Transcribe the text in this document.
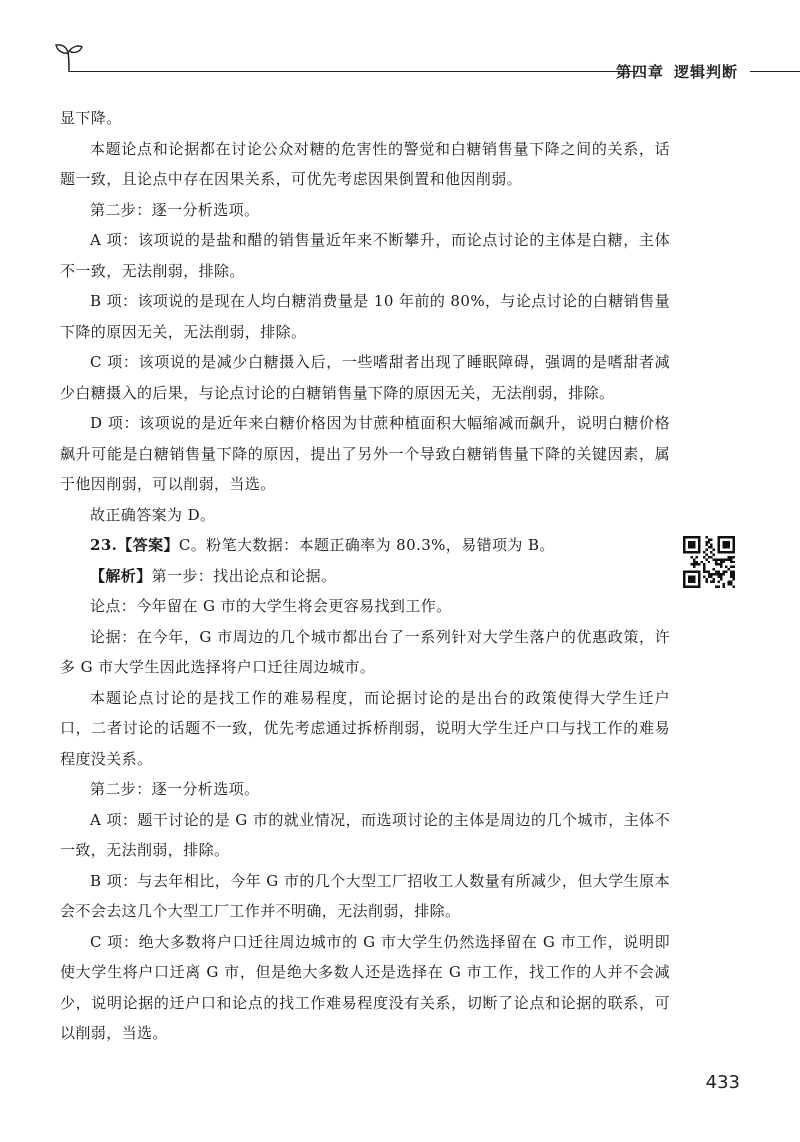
第四章 逻辑判断

显下降。

本题论点和论据都在讨论公众对糖的危害性的警觉和白糖销售量下降之间的关系，话题一致，且论点中存在因果关系，可优先考虑因果倒置和他因削弱。

第二步：逐一分析选项。

A 项：该项说的是盐和醋的销售量近年来不断攀升，而论点讨论的主体是白糖，主体不一致，无法削弱，排除。

B 项：该项说的是现在人均白糖消费量是 10 年前的 80%，与论点讨论的白糖销售量下降的原因无关，无法削弱，排除。

C 项：该项说的是减少白糖摄入后，一些嗜甜者出现了睡眠障碍，强调的是嗜甜者减少白糖摄入的后果，与论点讨论的白糖销售量下降的原因无关，无法削弱，排除。

D 项：该项说的是近年来白糖价格因为甘蔗种植面积大幅缩减而飙升，说明白糖价格飙升可能是白糖销售量下降的原因，提出了另外一个导致白糖销售量下降的关键因素，属于他因削弱，可以削弱，当选。

故正确答案为 D。

23.【答案】C。粉笔大数据：本题正确率为 80.3%，易错项为 B。

【解析】第一步：找出论点和论据。

论点：今年留在 G 市的大学生将会更容易找到工作。

论据：在今年，G 市周边的几个城市都出台了一系列针对大学生落户的优惠政策，许多 G 市大学生因此选择将户口迁往周边城市。

本题论点讨论的是找工作的难易程度，而论据讨论的是出台的政策使得大学生迁户口，二者讨论的话题不一致，优先考虑通过拆桥削弱，说明大学生迁户口与找工作的难易程度没关系。

第二步：逐一分析选项。

A 项：题干讨论的是 G 市的就业情况，而选项讨论的主体是周边的几个城市，主体不一致，无法削弱，排除。

B 项：与去年相比，今年 G 市的几个大型工厂招收工人数量有所减少，但大学生原本会不会去这几个大型工厂工作并不明确，无法削弱，排除。

C 项：绝大多数将户口迁往周边城市的 G 市大学生仍然选择留在 G 市工作，说明即使大学生将户口迁离 G 市，但是绝大多数人还是选择在 G 市工作，找工作的人并不会减少，说明论据的迁户口和论点的找工作难易程度没有关系，切断了论点和论据的联系，可以削弱，当选。

433
